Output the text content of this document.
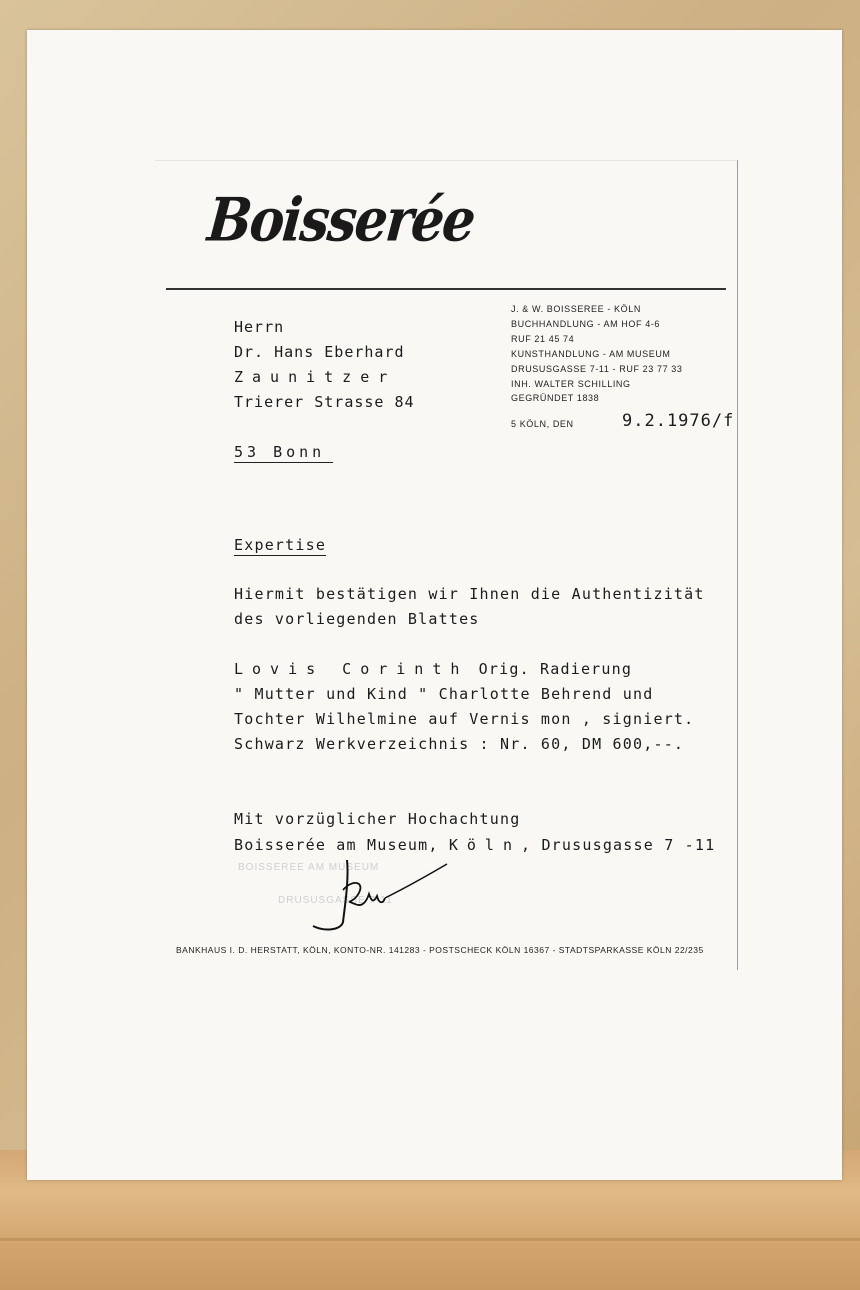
Boisserée
J. & W. BOISSEREE - KÖLN
BUCHHANDLUNG - AM HOF 4-6
RUF 21 45 74
KUNSTHANDLUNG - AM MUSEUM
DRUSUSGASSE 7-11 - RUF 23 77 33
INH. WALTER SCHILLING
GEGRÜNDET 1838
5 KÖLN, DEN	9.2.1976/f
Herrn
Dr. Hans Eberhard
Zaunitzer
Trierer Strasse 84
53 Bonn
Expertise
Hiermit bestätigen wir Ihnen die Authentizität
des vorliegenden Blattes
Lovis Corinth Orig. Radierung
" Mutter und Kind " Charlotte Behrend und
Tochter Wilhelmine auf Vernis mon , signiert.
Schwarz Werkverzeichnis : Nr. 60, DM 600,--.
Mit vorzüglicher Hochachtung
Boisserée am Museum, Köln, Drususgasse 7 -11
BOISSEREE AM MUSEUM
DRUSUSGASSE 7-11
BANKHAUS I. D. HERSTATT, KÖLN, KONTO-NR. 141283 - POSTSCHECK KÖLN 16367 - STADTSPARKASSE KÖLN 22/235
